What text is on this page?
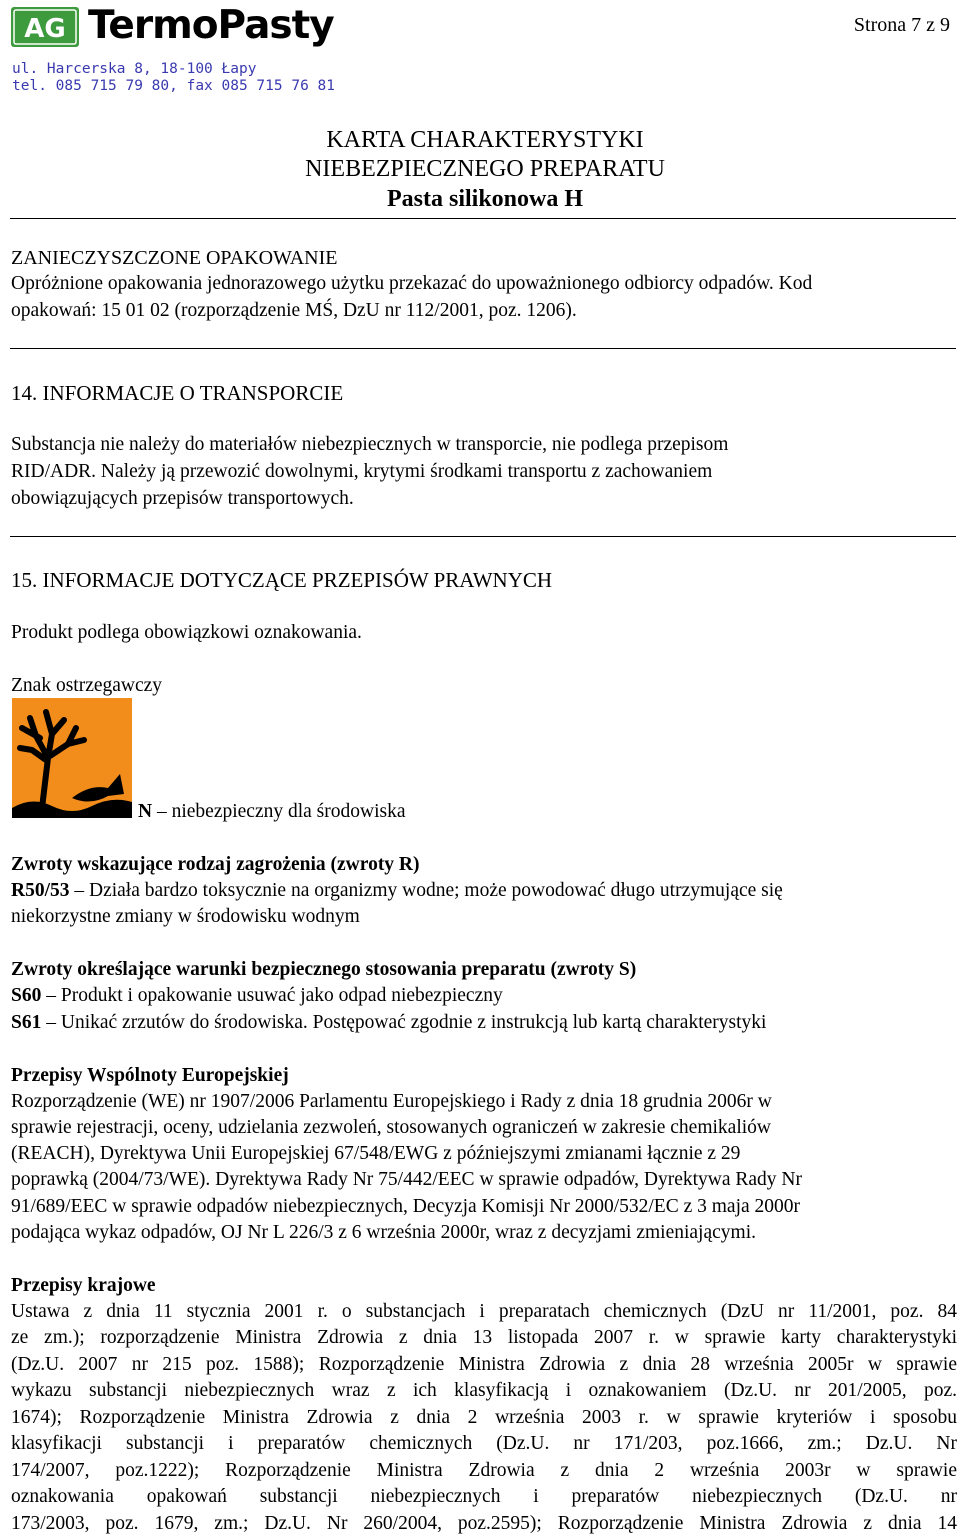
AG TermoPasty
ul. Harcerska 8, 18-100 Łapy
tel. 085 715 79 80, fax 085 715 76 81
Strona 7 z 9
KARTA CHARAKTERYSTYKI
NIEBEZPIECZNEGO PREPARATU
Pasta silikonowa H
ZANIECZYSZCZONE OPAKOWANIE
Opróżnione opakowania jednorazowego użytku przekazać do upoważnionego odbiorcy odpadów. Kod
opakowań: 15 01 02 (rozporządzenie MŚ, DzU nr 112/2001, poz. 1206).
14. INFORMACJE O TRANSPORCIE
Substancja nie należy do materiałów niebezpiecznych w transporcie, nie podlega przepisom
RID/ADR. Należy ją przewozić dowolnymi, krytymi środkami transportu z zachowaniem
obowiązujących przepisów transportowych.
15. INFORMACJE DOTYCZĄCE PRZEPISÓW PRAWNYCH
Produkt podlega obowiązkowi oznakowania.
Znak ostrzegawczy
N – niebezpieczny dla środowiska
Zwroty wskazujące rodzaj zagrożenia (zwroty R)
R50/53 – Działa bardzo toksycznie na organizmy wodne; może powodować długo utrzymujące się
niekorzystne zmiany w środowisku wodnym
Zwroty określające warunki bezpiecznego stosowania preparatu (zwroty S)
S60 – Produkt i opakowanie usuwać jako odpad niebezpieczny
S61 – Unikać zrzutów do środowiska. Postępować zgodnie z instrukcją lub kartą charakterystyki
Przepisy Wspólnoty Europejskiej
Rozporządzenie (WE) nr 1907/2006 Parlamentu Europejskiego i Rady z dnia 18 grudnia 2006r w
sprawie rejestracji, oceny, udzielania zezwoleń, stosowanych ograniczeń w zakresie chemikaliów
(REACH), Dyrektywa Unii Europejskiej 67/548/EWG z późniejszymi zmianami łącznie z 29
poprawką (2004/73/WE). Dyrektywa Rady Nr 75/442/EEC w sprawie odpadów, Dyrektywa Rady Nr
91/689/EEC w sprawie odpadów niebezpiecznych, Decyzja Komisji Nr 2000/532/EC z 3 maja 2000r
podająca wykaz odpadów, OJ Nr L 226/3 z 6 września 2000r, wraz z decyzjami zmieniającymi.
Przepisy krajowe
Ustawa z dnia 11 stycznia 2001 r. o substancjach i preparatach chemicznych (DzU nr 11/2001, poz. 84
ze zm.); rozporządzenie Ministra Zdrowia z dnia 13 listopada 2007 r. w sprawie karty charakterystyki
(Dz.U. 2007 nr 215 poz. 1588); Rozporządzenie Ministra Zdrowia z dnia 28 września 2005r w sprawie
wykazu substancji niebezpiecznych wraz z ich klasyfikacją i oznakowaniem (Dz.U. nr 201/2005, poz.
1674); Rozporządzenie Ministra Zdrowia z dnia 2 września 2003 r. w sprawie kryteriów i sposobu
klasyfikacji substancji i preparatów chemicznych (Dz.U. nr 171/203, poz.1666, zm.; Dz.U. Nr
174/2007, poz.1222); Rozporządzenie Ministra Zdrowia z dnia 2 września 2003r w sprawie
oznakowania opakowań substancji niebezpiecznych i preparatów niebezpiecznych (Dz.U. nr
173/2003, poz. 1679, zm.; Dz.U. Nr 260/2004, poz.2595); Rozporządzenie Ministra Zdrowia z dnia 14
